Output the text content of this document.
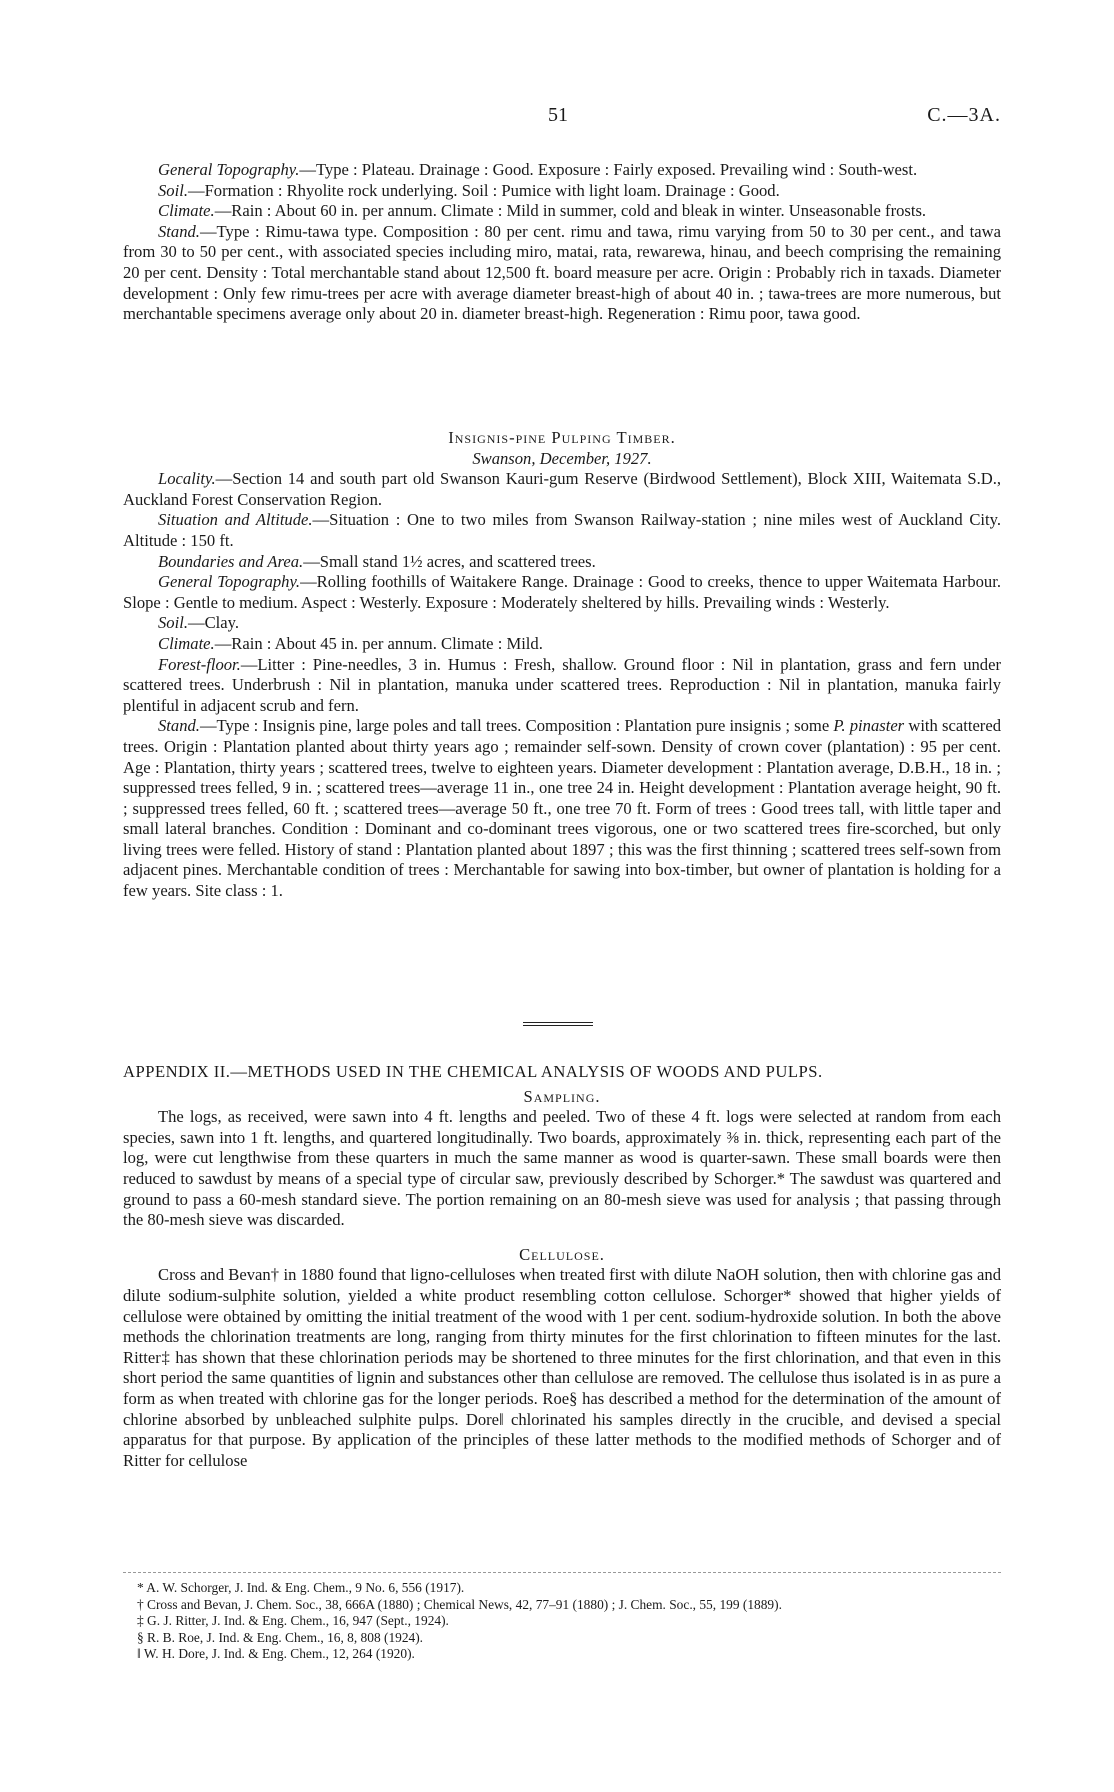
51	C.—3A.

General Topography.—Type : Plateau. Drainage : Good. Exposure : Fairly exposed. Prevailing wind : South-west.

Soil.—Formation : Rhyolite rock underlying. Soil : Pumice with light loam. Drainage : Good.

Climate.—Rain : About 60 in. per annum. Climate : Mild in summer, cold and bleak in winter. Unseasonable frosts.

Stand.—Type : Rimu-tawa type. Composition : 80 per cent. rimu and tawa, rimu varying from 50 to 30 per cent., and tawa from 30 to 50 per cent., with associated species including miro, matai, rata, rewarewa, hinau, and beech comprising the remaining 20 per cent. Density : Total merchantable stand about 12,500 ft. board measure per acre. Origin : Probably rich in taxads. Diameter development : Only few rimu-trees per acre with average diameter breast-high of about 40 in. ; tawa-trees are more numerous, but merchantable specimens average only about 20 in. diameter breast-high. Regeneration : Rimu poor, tawa good.

Insignis-pine Pulping Timber.

Swanson, December, 1927.

Locality.—Section 14 and south part old Swanson Kauri-gum Reserve (Birdwood Settlement), Block XIII, Waitemata S.D., Auckland Forest Conservation Region.

Situation and Altitude.—Situation : One to two miles from Swanson Railway-station ; nine miles west of Auckland City. Altitude : 150 ft.

Boundaries and Area.—Small stand 1½ acres, and scattered trees.

General Topography.—Rolling foothills of Waitakere Range. Drainage : Good to creeks, thence to upper Waitemata Harbour. Slope : Gentle to medium. Aspect : Westerly. Exposure : Moderately sheltered by hills. Prevailing winds : Westerly.

Soil.—Clay.

Climate.—Rain : About 45 in. per annum. Climate : Mild.

Forest-floor.—Litter : Pine-needles, 3 in. Humus : Fresh, shallow. Ground floor : Nil in plantation, grass and fern under scattered trees. Underbrush : Nil in plantation, manuka under scattered trees. Reproduction : Nil in plantation, manuka fairly plentiful in adjacent scrub and fern.

Stand.—Type : Insignis pine, large poles and tall trees. Composition : Plantation pure insignis ; some P. pinaster with scattered trees. Origin : Plantation planted about thirty years ago ; remainder self-sown. Density of crown cover (plantation) : 95 per cent. Age : Plantation, thirty years ; scattered trees, twelve to eighteen years. Diameter development : Plantation average, D.B.H., 18 in. ; suppressed trees felled, 9 in. ; scattered trees—average 11 in., one tree 24 in. Height development : Plantation average height, 90 ft. ; suppressed trees felled, 60 ft. ; scattered trees—average 50 ft., one tree 70 ft. Form of trees : Good trees tall, with little taper and small lateral branches. Condition : Dominant and co-dominant trees vigorous, one or two scattered trees fire-scorched, but only living trees were felled. History of stand : Plantation planted about 1897 ; this was the first thinning ; scattered trees self-sown from adjacent pines. Merchantable condition of trees : Merchantable for sawing into box-timber, but owner of plantation is holding for a few years. Site class : 1.

APPENDIX II.—METHODS USED IN THE CHEMICAL ANALYSIS OF WOODS AND PULPS.

Sampling.

The logs, as received, were sawn into 4 ft. lengths and peeled. Two of these 4 ft. logs were selected at random from each species, sawn into 1 ft. lengths, and quartered longitudinally. Two boards, approximately ⅜ in. thick, representing each part of the log, were cut lengthwise from these quarters in much the same manner as wood is quarter-sawn. These small boards were then reduced to sawdust by means of a special type of circular saw, previously described by Schorger.* The sawdust was quartered and ground to pass a 60-mesh standard sieve. The portion remaining on an 80-mesh sieve was used for analysis ; that passing through the 80-mesh sieve was discarded.

Cellulose.

Cross and Bevan† in 1880 found that ligno-celluloses when treated first with dilute NaOH solution, then with chlorine gas and dilute sodium-sulphite solution, yielded a white product resembling cotton cellulose. Schorger* showed that higher yields of cellulose were obtained by omitting the initial treatment of the wood with 1 per cent. sodium-hydroxide solution. In both the above methods the chlorination treatments are long, ranging from thirty minutes for the first chlorination to fifteen minutes for the last. Ritter‡ has shown that these chlorination periods may be shortened to three minutes for the first chlorination, and that even in this short period the same quantities of lignin and substances other than cellulose are removed. The cellulose thus isolated is in as pure a form as when treated with chlorine gas for the longer periods. Roe§ has described a method for the determination of the amount of chlorine absorbed by unbleached sulphite pulps. Dore‖ chlorinated his samples directly in the crucible, and devised a special apparatus for that purpose. By application of the principles of these latter methods to the modified methods of Schorger and of Ritter for cellulose

* A. W. Schorger, J. Ind. & Eng. Chem., 9 No. 6, 556 (1917).

† Cross and Bevan, J. Chem. Soc., 38, 666A (1880) ; Chemical News, 42, 77–91 (1880) ; J. Chem. Soc., 55, 199 (1889).

‡ G. J. Ritter, J. Ind. & Eng. Chem., 16, 947 (Sept., 1924).

§ R. B. Roe, J. Ind. & Eng. Chem., 16, 8, 808 (1924).

‖ W. H. Dore, J. Ind. & Eng. Chem., 12, 264 (1920).
